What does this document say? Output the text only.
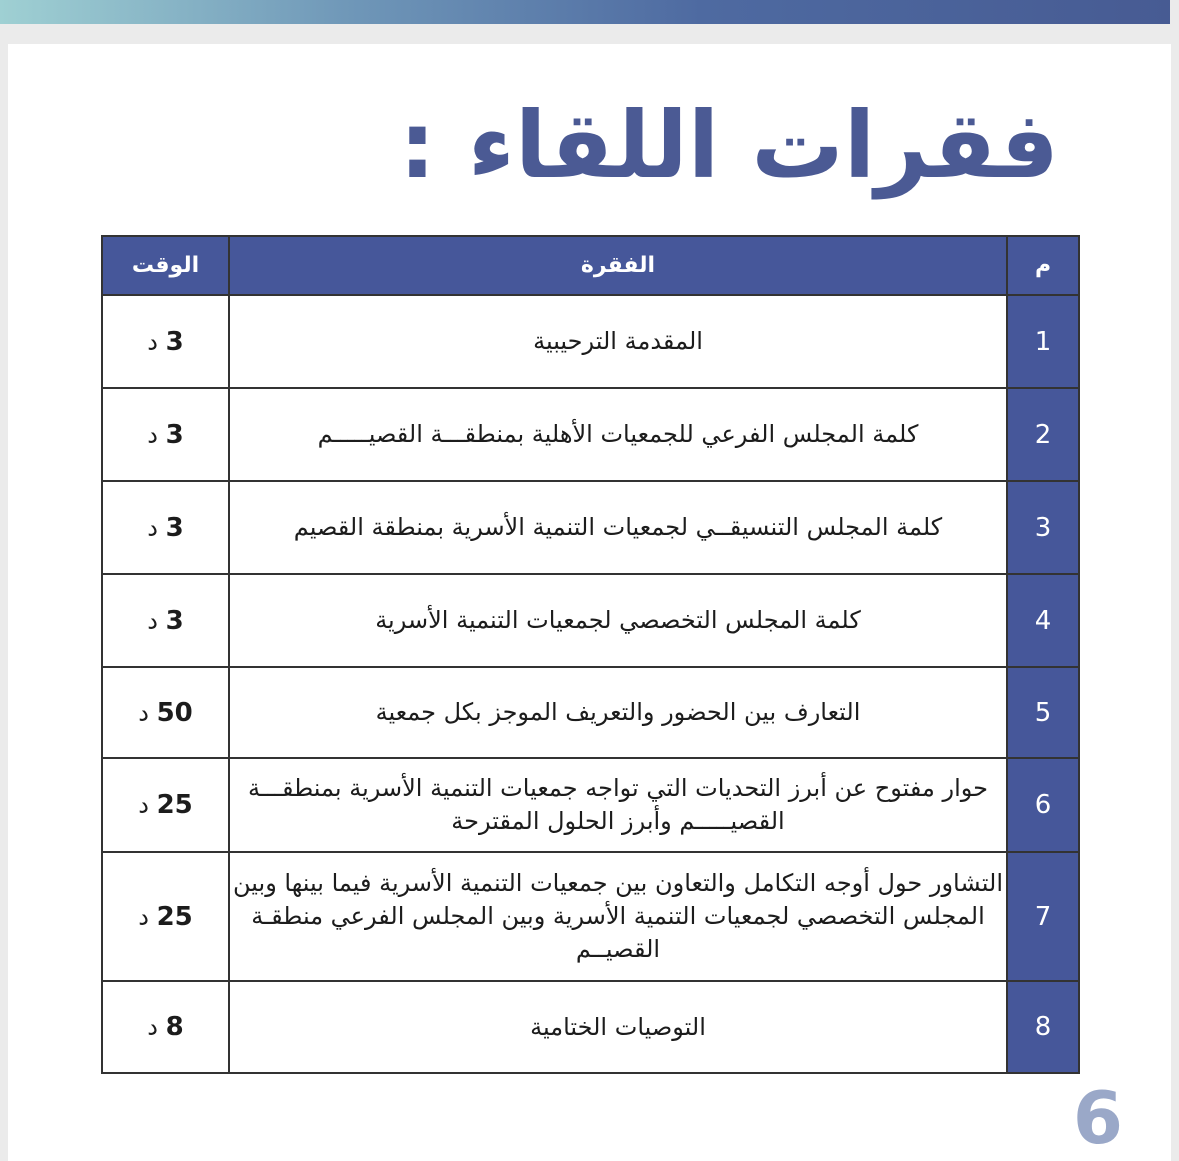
فقرات اللقاء :
م	الفقرة	الوقت
1	المقدمة الترحيبية	3 د
2	كلمة المجلس الفرعي للجمعيات الأهلية بمنطقـــة القصيـــــم	3 د
3	كلمة المجلس التنسيقــي لجمعيات التنمية الأسرية بمنطقة القصيم	3 د
4	كلمة المجلس التخصصي لجمعيات التنمية الأسرية	3 د
5	التعارف بين الحضور والتعريف الموجز بكل جمعية	50 د
6	حوار مفتوح عن أبرز التحديات التي تواجه جمعيات التنمية الأسرية بمنطقـــة القصيـــــم وأبرز الحلول المقترحة	25 د
7	التشاور حول أوجه التكامل والتعاون بين جمعيات التنمية الأسرية فيما بينها وبين المجلس التخصصي لجمعيات التنمية الأسرية وبين المجلس الفرعي منطقـة القصيــم	25 د
8	التوصيات الختامية	8 د
6
